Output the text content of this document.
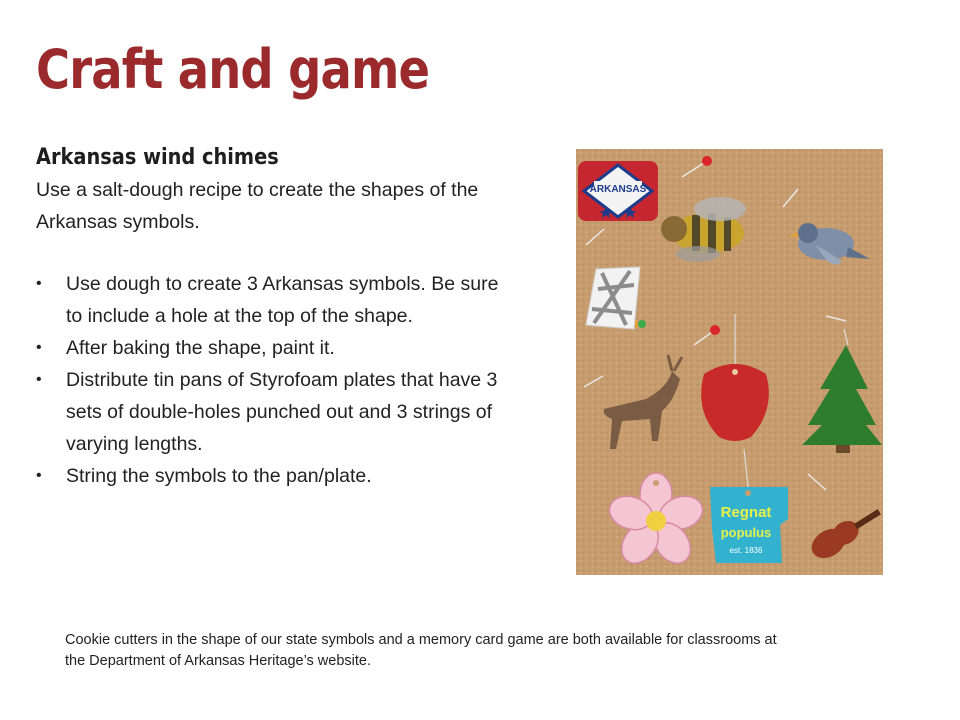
Craft and game
Arkansas wind chimes

Use a salt-dough recipe to create the shapes of the Arkansas symbols.

• Use dough to create 3 Arkansas symbols. Be sure to include a hole at the top of the shape.
• After baking the shape, paint it.
• Distribute tin pans of Styrofoam plates that have 3 sets of double-holes punched out and 3 strings of varying lengths.
• String the symbols to the pan/plate.
ARKANSAS
Regnat
populus
est. 1836
Cookie cutters in the shape of our state symbols and a memory card game are both available for classrooms at the Department of Arkansas Heritage’s website.
